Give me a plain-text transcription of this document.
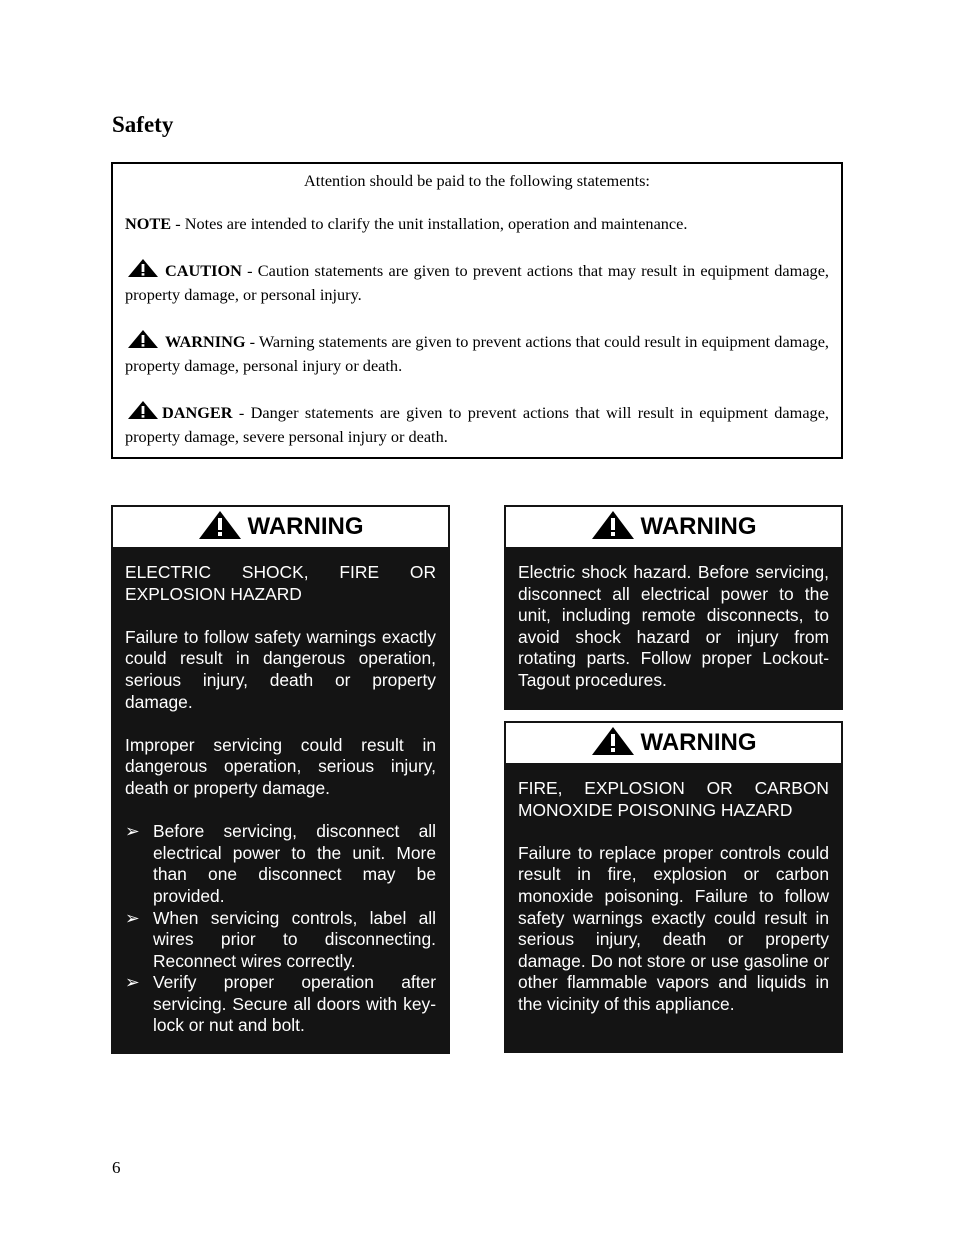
Safety

Attention should be paid to the following statements:

NOTE - Notes are intended to clarify the unit installation, operation and maintenance.

CAUTION - Caution statements are given to prevent actions that may result in equipment damage, property damage, or personal injury.

WARNING - Warning statements are given to prevent actions that could result in equipment damage, property damage, personal injury or death.

DANGER - Danger statements are given to prevent actions that will result in equipment damage, property damage, severe personal injury or death.

WARNING

ELECTRIC SHOCK, FIRE OR EXPLOSION HAZARD

Failure to follow safety warnings exactly could result in dangerous operation, serious injury, death or property damage.

Improper servicing could result in dangerous operation, serious injury, death or property damage.

➢ Before servicing, disconnect all electrical power to the unit. More than one disconnect may be provided.
➢ When servicing controls, label all wires prior to disconnecting. Reconnect wires correctly.
➢ Verify proper operation after servicing. Secure all doors with key-lock or nut and bolt.
WARNING

Electric shock hazard. Before servicing, disconnect all electrical power to the unit, including remote disconnects, to avoid shock hazard or injury from rotating parts. Follow proper Lockout-Tagout procedures.

WARNING

FIRE, EXPLOSION OR CARBON MONOXIDE POISONING HAZARD

Failure to replace proper controls could result in fire, explosion or carbon monoxide poisoning. Failure to follow safety warnings exactly could result in serious injury, death or property damage. Do not store or use gasoline or other flammable vapors and liquids in the vicinity of this appliance.

6
